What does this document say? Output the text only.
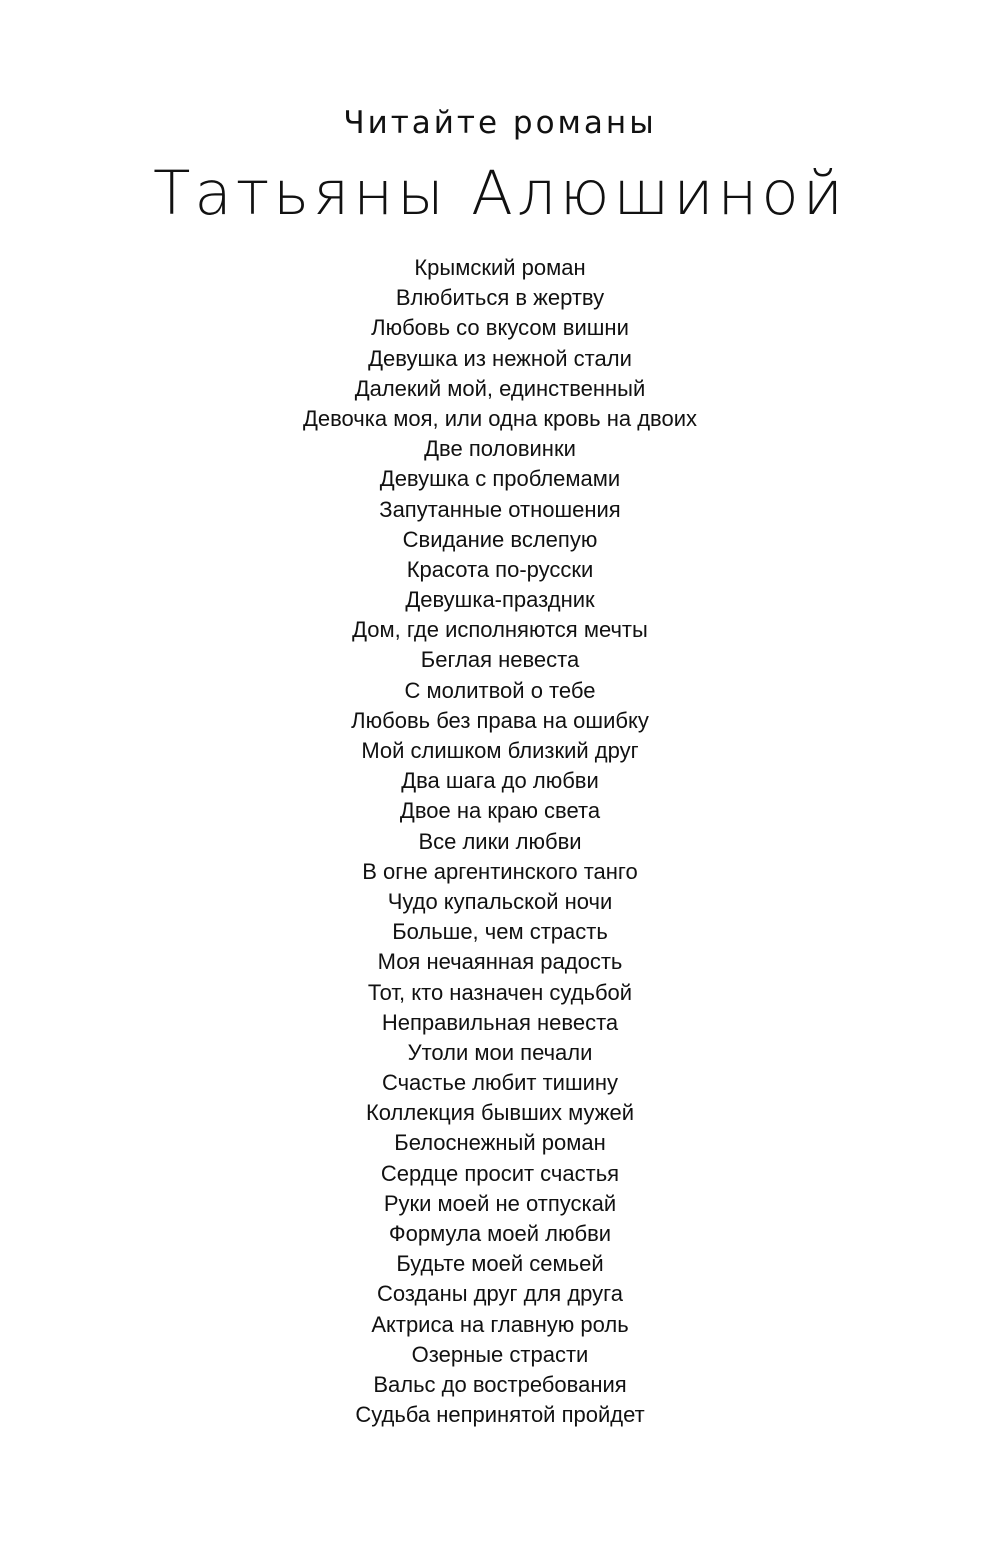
Читайте романы
Татьяны Алюшиной
Крымский роман
Влюбиться в жертву
Любовь со вкусом вишни
Девушка из нежной стали
Далекий мой, единственный
Девочка моя, или одна кровь на двоих
Две половинки
Девушка с проблемами
Запутанные отношения
Свидание вслепую
Красота по-русски
Девушка-праздник
Дом, где исполняются мечты
Беглая невеста
С молитвой о тебе
Любовь без права на ошибку
Мой слишком близкий друг
Два шага до любви
Двое на краю света
Все лики любви
В огне аргентинского танго
Чудо купальской ночи
Больше, чем страсть
Моя нечаянная радость
Тот, кто назначен судьбой
Неправильная невеста
Утоли мои печали
Счастье любит тишину
Коллекция бывших мужей
Белоснежный роман
Сердце просит счастья
Руки моей не отпускай
Формула моей любви
Будьте моей семьей
Созданы друг для друга
Актриса на главную роль
Озерные страсти
Вальс до востребования
Судьба непринятой пройдет
